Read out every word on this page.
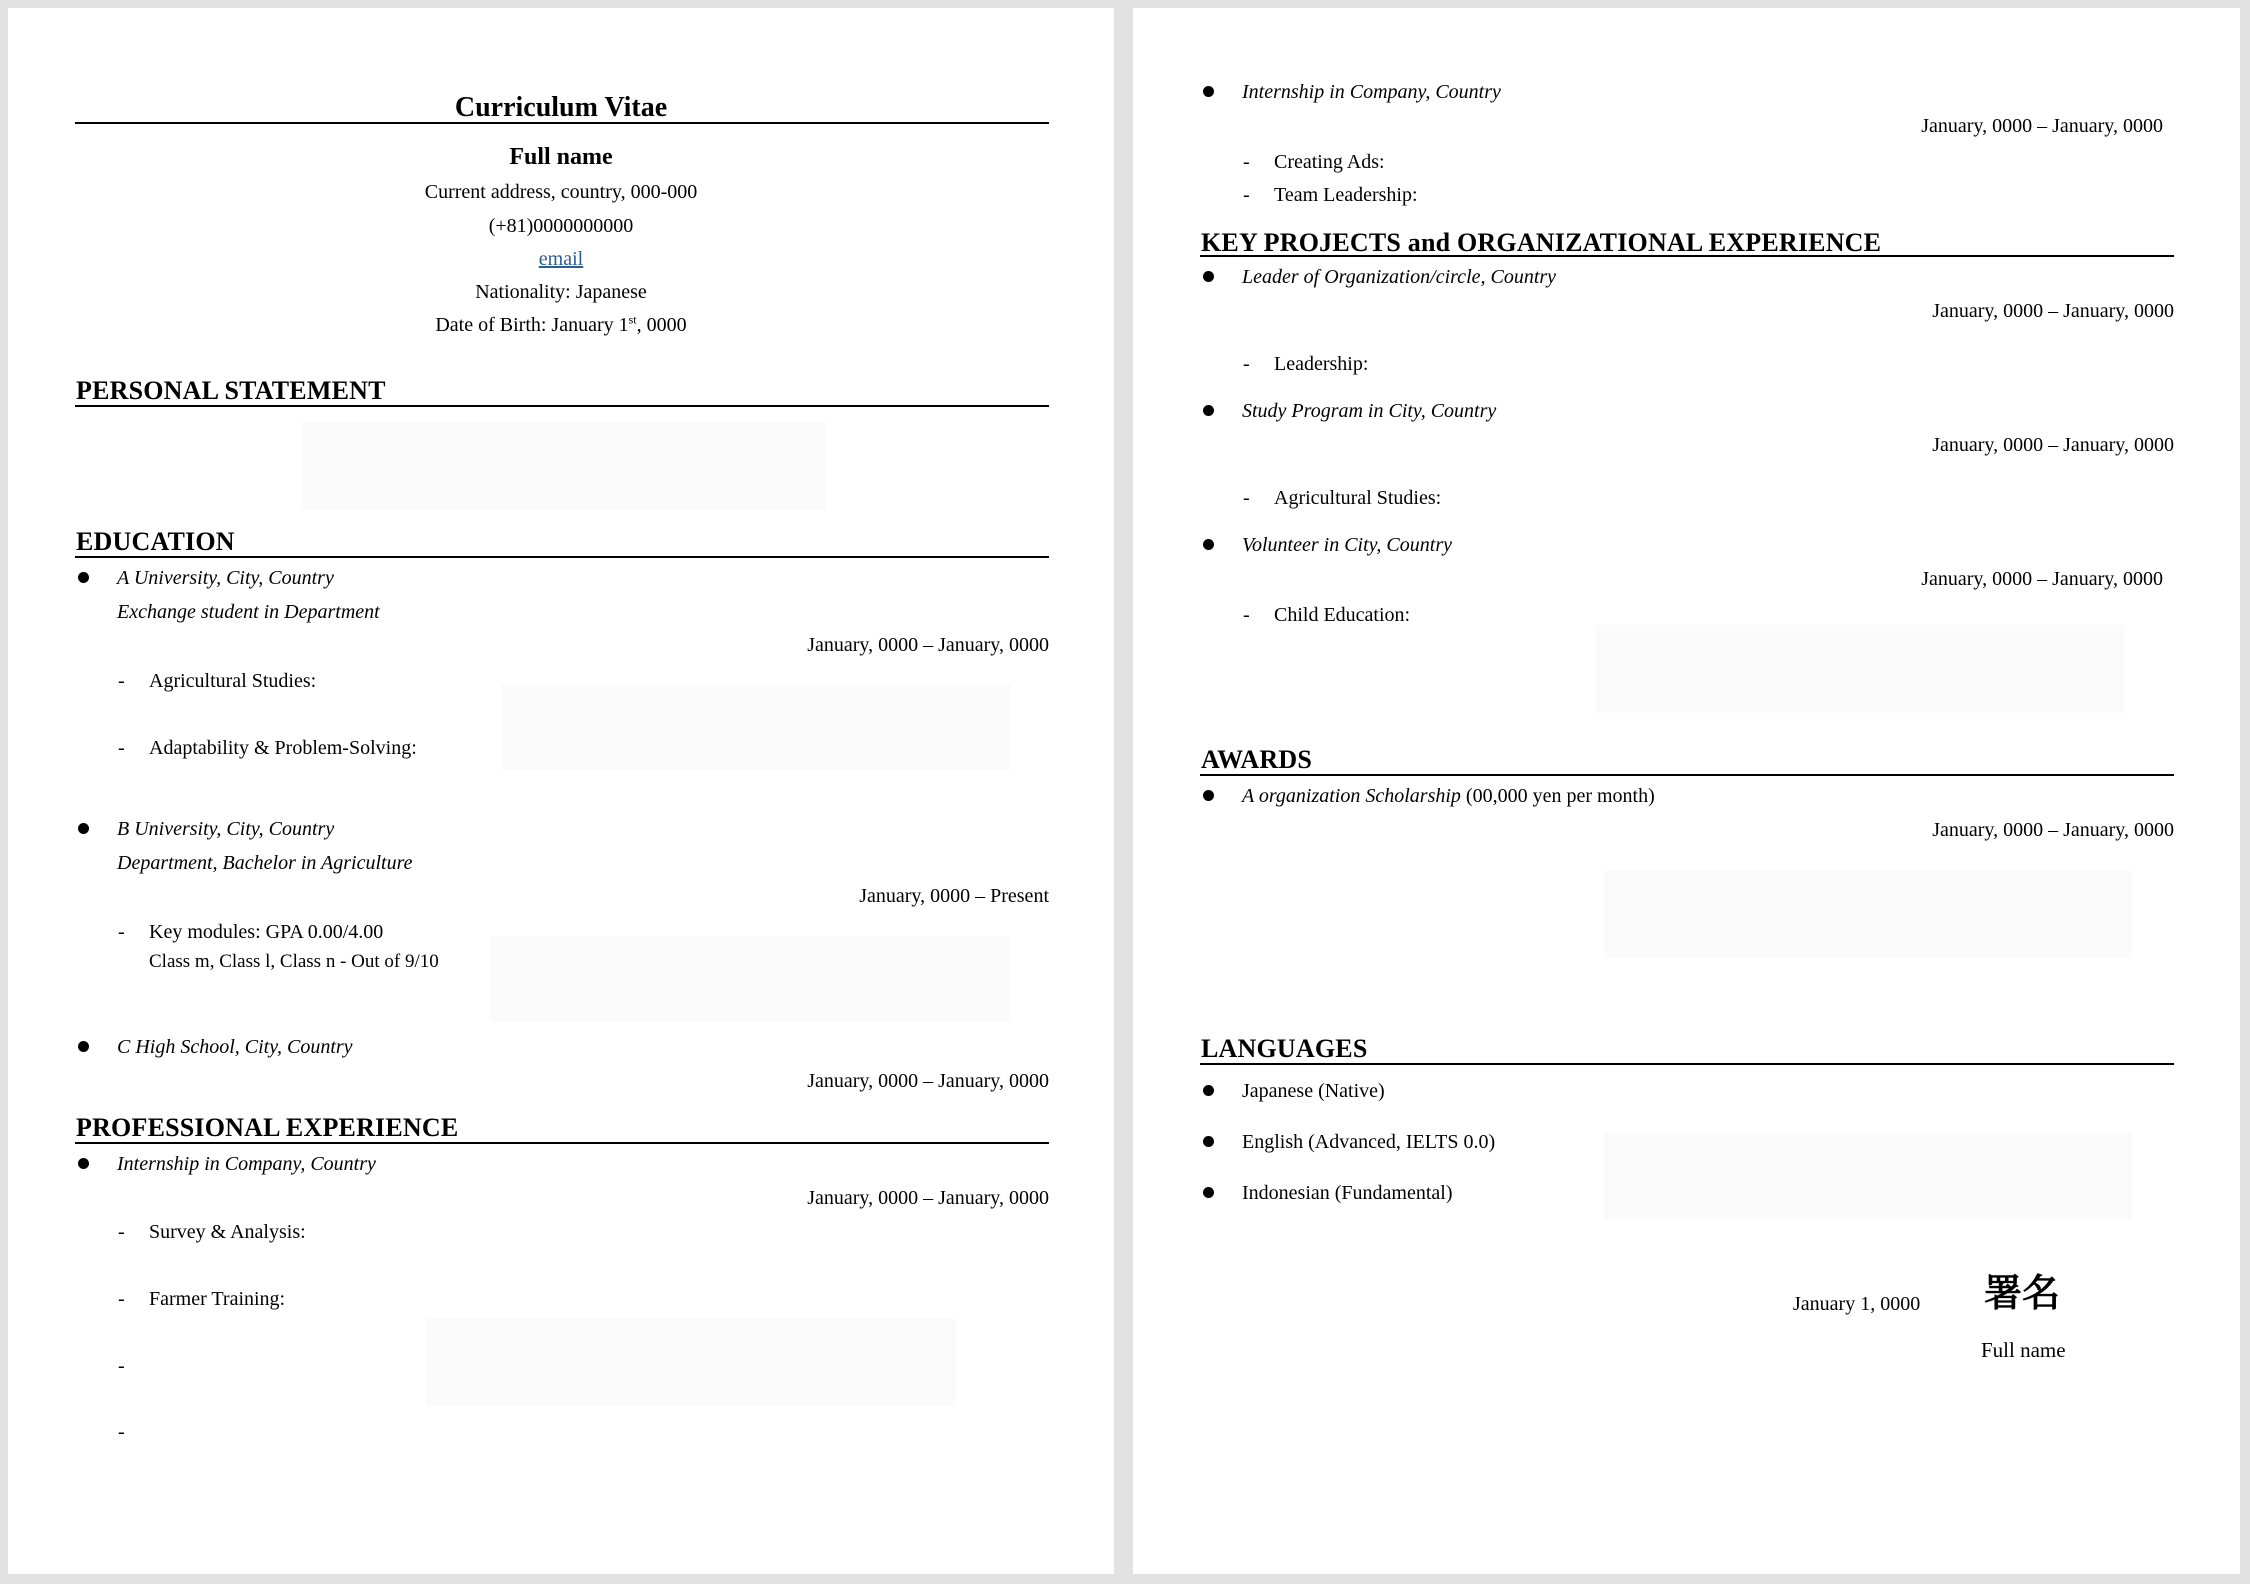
Curriculum Vitae
Full name
Current address, country, 000-000
(+81)0000000000
email
Nationality: Japanese
Date of Birth: January 1st, 0000
PERSONAL STATEMENT
EDUCATION
A University, City, Country
Exchange student in Department
January, 0000 – January, 0000
- Agricultural Studies:
- Adaptability & Problem-Solving:
B University, City, Country
Department, Bachelor in Agriculture
January, 0000 – Present
- Key modules: GPA 0.00/4.00
Class m, Class l, Class n - Out of 9/10
C High School, City, Country
January, 0000 – January, 0000
PROFESSIONAL EXPERIENCE
Internship in Company, Country
January, 0000 – January, 0000
- Survey & Analysis:
- Farmer Training:
-
-
Internship in Company, Country
January, 0000 – January, 0000
- Creating Ads:
- Team Leadership:
KEY PROJECTS and ORGANIZATIONAL EXPERIENCE
Leader of Organization/circle, Country
January, 0000 – January, 0000
- Leadership:
Study Program in City, Country
January, 0000 – January, 0000
- Agricultural Studies:
Volunteer in City, Country
January, 0000 – January, 0000
- Child Education:
AWARDS
A organization Scholarship (00,000 yen per month)
January, 0000 – January, 0000
LANGUAGES
Japanese (Native)
English (Advanced, IELTS 0.0)
Indonesian (Fundamental)
January 1, 0000 署名
Full name
